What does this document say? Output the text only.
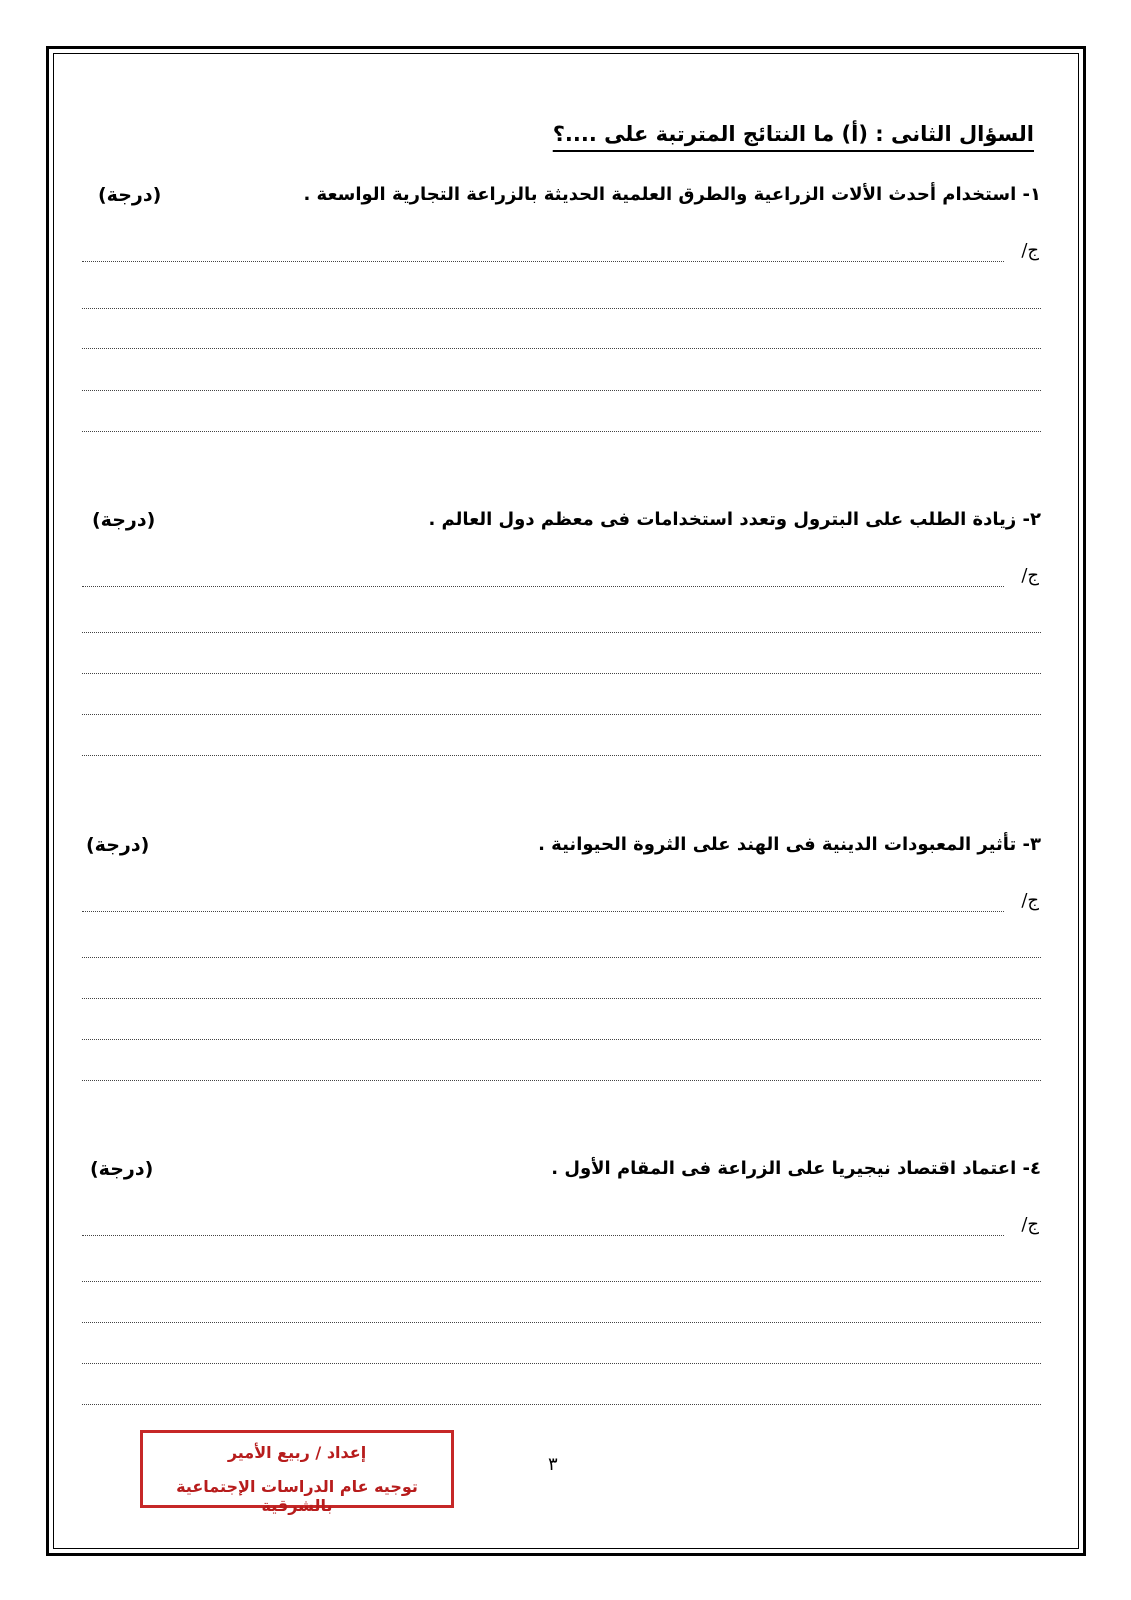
السؤال الثانى : (أ) ما النتائج المترتبة على ....؟
١- استخدام أحدث الألات الزراعية والطرق العلمية الحديثة بالزراعة التجارية الواسعة .
(درجة)
ج/
٢- زيادة الطلب على البترول وتعدد استخدامات فى معظم دول العالم .
(درجة)
ج/
٣- تأثير المعبودات الدينية فى الهند على الثروة الحيوانية .
(درجة)
ج/
٤- اعتماد اقتصاد نيجيريا على الزراعة فى المقام الأول .
(درجة)
ج/
إعداد / ربيع الأمير
توجيه عام الدراسات الإجتماعية بالشرقية
٣
